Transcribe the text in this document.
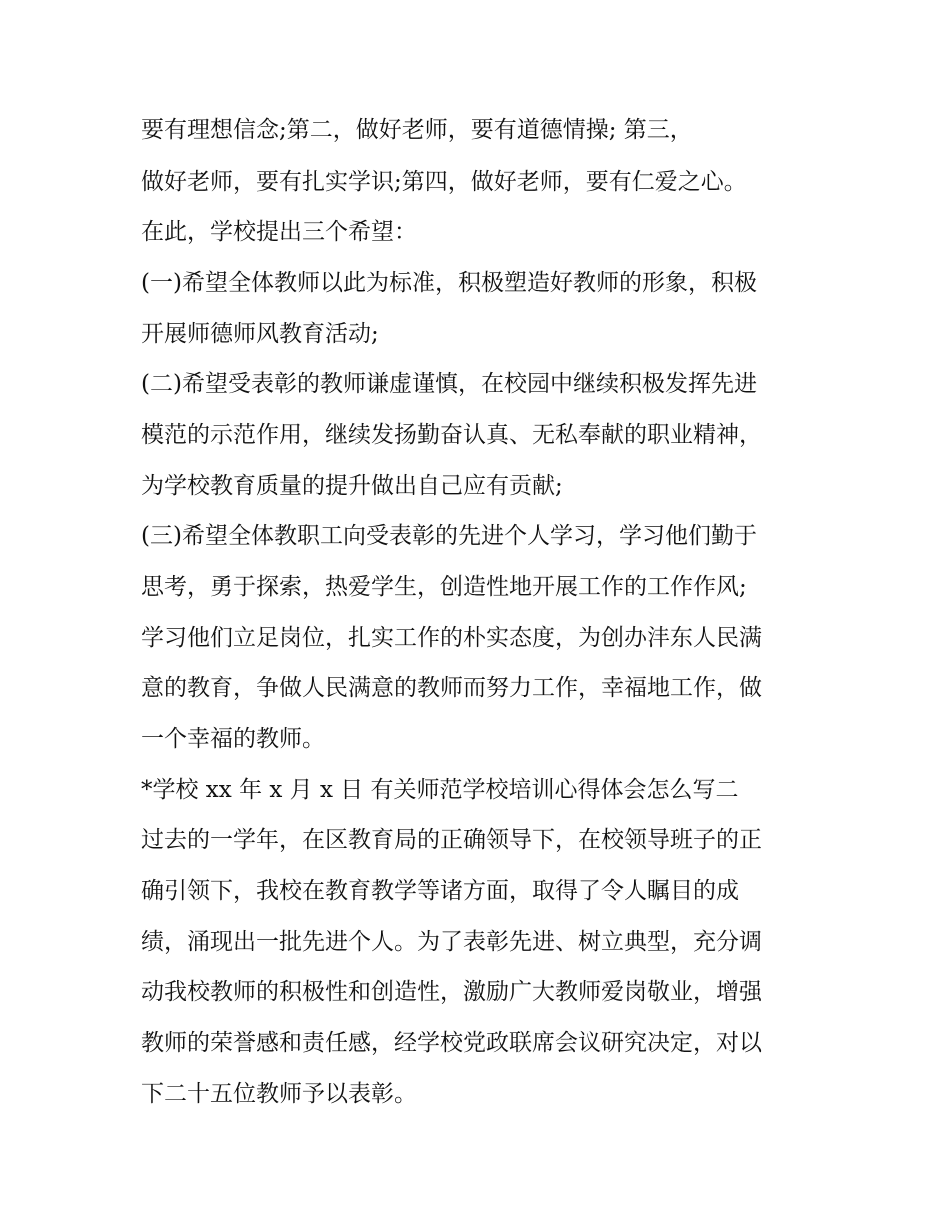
要有理想信念;第二，做好老师，要有道德情操; 第三，
做好老师，要有扎实学识;第四，做好老师，要有仁爱之心。
在此，学校提出三个希望：
(一)希望全体教师以此为标准，积极塑造好教师的形象，积极
开展师德师风教育活动;
(二)希望受表彰的教师谦虚谨慎，在校园中继续积极发挥先进
模范的示范作用，继续发扬勤奋认真、无私奉献的职业精神，
为学校教育质量的提升做出自己应有贡献;
(三)希望全体教职工向受表彰的先进个人学习，学习他们勤于
思考，勇于探索，热爱学生，创造性地开展工作的工作作风;
学习他们立足岗位，扎实工作的朴实态度，为创办沣东人民满
意的教育，争做人民满意的教师而努力工作，幸福地工作，做
一个幸福的教师。
*学校 xx 年 x 月 x 日 有关师范学校培训心得体会怎么写二
过去的一学年，在区教育局的正确领导下，在校领导班子的正
确引领下，我校在教育教学等诸方面，取得了令人瞩目的成
绩，涌现出一批先进个人。为了表彰先进、树立典型，充分调
动我校教师的积极性和创造性，激励广大教师爱岗敬业，增强
教师的荣誉感和责任感，经学校党政联席会议研究决定，对以
下二十五位教师予以表彰。
